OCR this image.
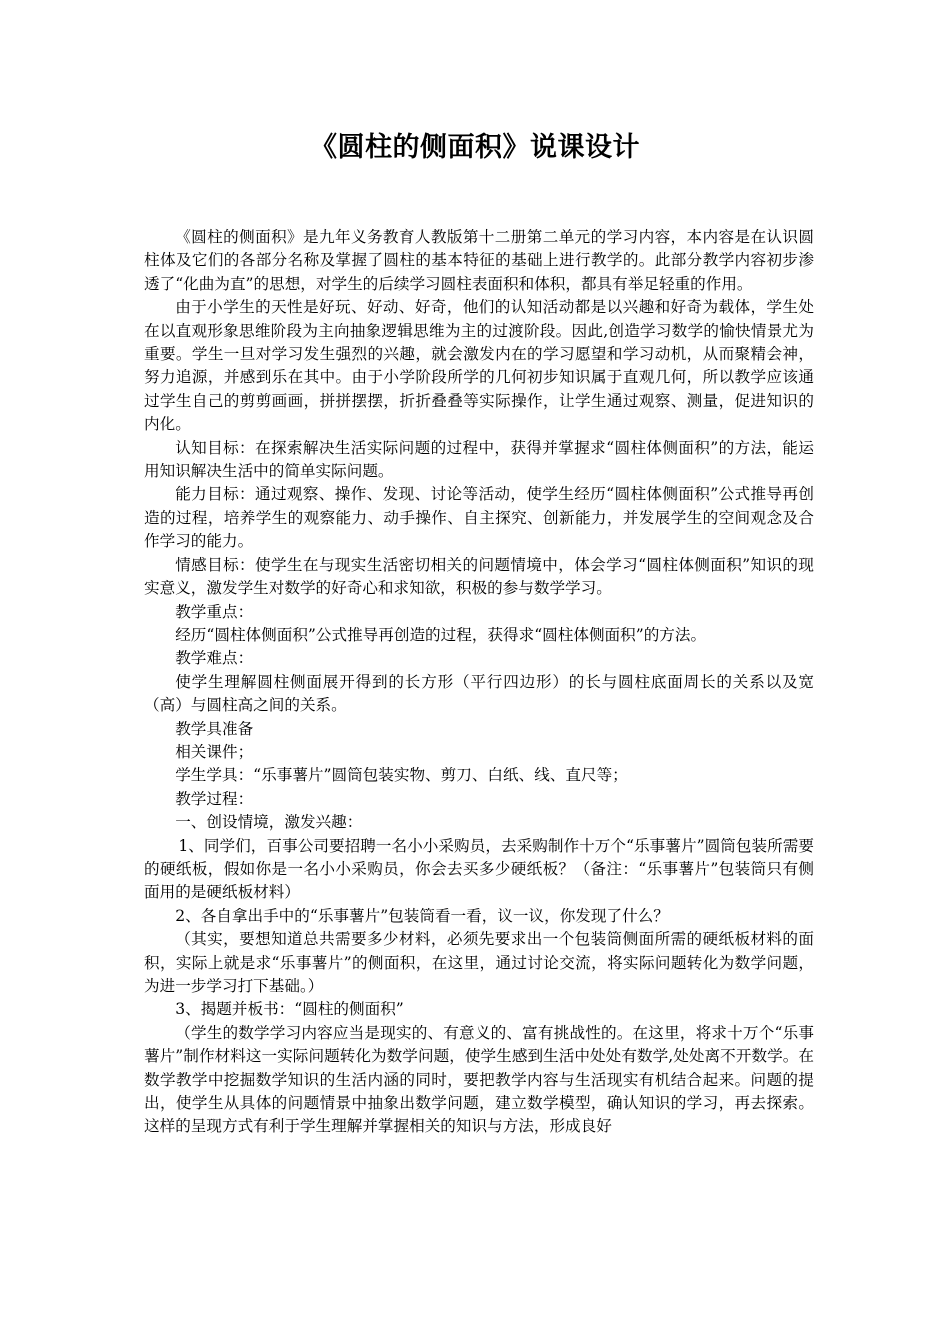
《圆柱的侧面积》说课设计

《圆柱的侧面积》是九年义务教育人教版第十二册第二单元的学习内容，本内容是在认识圆柱体及它们的各部分名称及掌握了圆柱的基本特征的基础上进行教学的。此部分教学内容初步渗透了“化曲为直”的思想，对学生的后续学习圆柱表面积和体积，都具有举足轻重的作用。

由于小学生的天性是好玩、好动、好奇，他们的认知活动都是以兴趣和好奇为载体，学生处在以直观形象思维阶段为主向抽象逻辑思维为主的过渡阶段。因此,创造学习数学的愉快情景尤为重要。学生一旦对学习发生强烈的兴趣，就会激发内在的学习愿望和学习动机，从而聚精会神，努力追源，并感到乐在其中。由于小学阶段所学的几何初步知识属于直观几何，所以教学应该通过学生自己的剪剪画画，拼拼摆摆，折折叠叠等实际操作，让学生通过观察、测量，促进知识的内化。

认知目标：在探索解决生活实际问题的过程中，获得并掌握求“圆柱体侧面积”的方法，能运用知识解决生活中的简单实际问题。

能力目标：通过观察、操作、发现、讨论等活动，使学生经历“圆柱体侧面积”公式推导再创造的过程，培养学生的观察能力、动手操作、自主探究、创新能力，并发展学生的空间观念及合作学习的能力。

情感目标：使学生在与现实生活密切相关的问题情境中，体会学习“圆柱体侧面积”知识的现实意义，激发学生对数学的好奇心和求知欲，积极的参与数学学习。

教学重点：

经历“圆柱体侧面积”公式推导再创造的过程，获得求“圆柱体侧面积”的方法。

教学难点：

使学生理解圆柱侧面展开得到的长方形（平行四边形）的长与圆柱底面周长的关系以及宽（高）与圆柱高之间的关系。

教学具准备

相关课件；

学生学具：“乐事薯片”圆筒包装实物、剪刀、白纸、线、直尺等；

教学过程：

一、创设情境，激发兴趣：

1、同学们，百事公司要招聘一名小小采购员，去采购制作十万个“乐事薯片”圆筒包装所需要的硬纸板，假如你是一名小小采购员，你会去买多少硬纸板？（备注：“乐事薯片”包装筒只有侧面用的是硬纸板材料）

2、各自拿出手中的“乐事薯片”包装筒看一看，议一议，你发现了什么？

（其实，要想知道总共需要多少材料，必须先要求出一个包装筒侧面所需的硬纸板材料的面积，实际上就是求“乐事薯片”的侧面积，在这里，通过讨论交流，将实际问题转化为数学问题，为进一步学习打下基础。）

3、揭题并板书：“圆柱的侧面积”

（学生的数学学习内容应当是现实的、有意义的、富有挑战性的。在这里，将求十万个“乐事薯片”制作材料这一实际问题转化为数学问题，使学生感到生活中处处有数学,处处离不开数学。在数学教学中挖掘数学知识的生活内涵的同时，要把教学内容与生活现实有机结合起来。问题的提出，使学生从具体的问题情景中抽象出数学问题，建立数学模型，确认知识的学习，再去探索。这样的呈现方式有利于学生理解并掌握相关的知识与方法，形成良好
